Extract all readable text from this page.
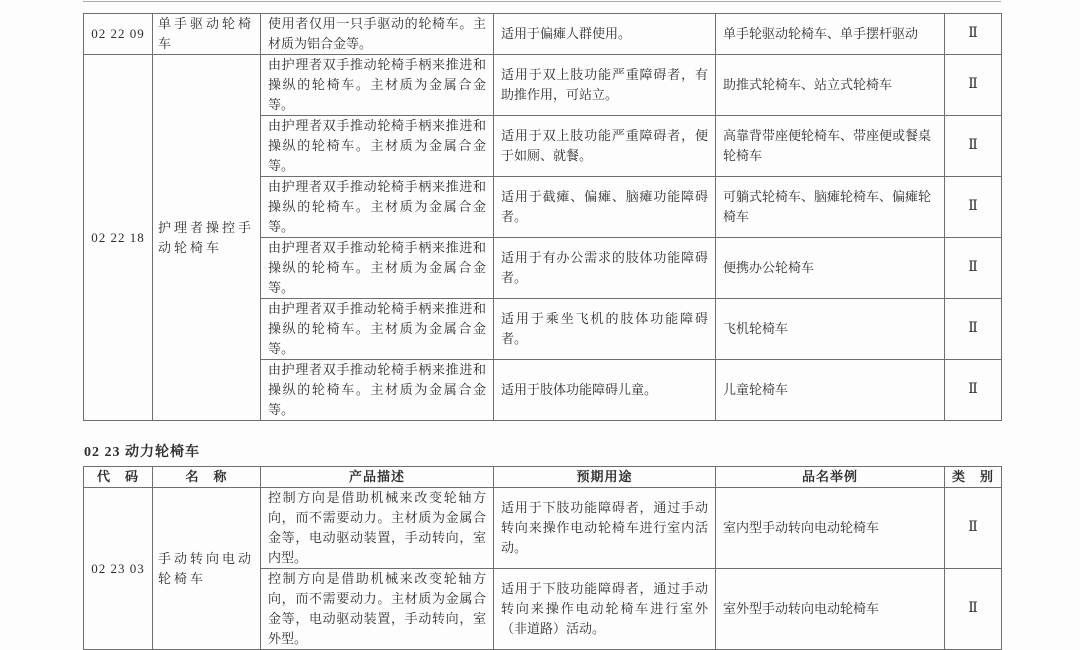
02 22 09	单手驱动轮椅车	使用者仅用一只手驱动的轮椅车。主材质为铝合金等。	适用于偏瘫人群使用。	单手轮驱动轮椅车、单手摆杆驱动	Ⅱ
02 22 18	护理者操控手动轮椅车	由护理者双手推动轮椅手柄来推进和操纵的轮椅车。主材质为金属合金等。	适用于双上肢功能严重障碍者，有助推作用，可站立。	助推式轮椅车、站立式轮椅车	Ⅱ
		由护理者双手推动轮椅手柄来推进和操纵的轮椅车。主材质为金属合金等。	适用于双上肢功能严重障碍者，便于如厕、就餐。	高靠背带座便轮椅车、带座便或餐桌轮椅车	Ⅱ
		由护理者双手推动轮椅手柄来推进和操纵的轮椅车。主材质为金属合金等。	适用于截瘫、偏瘫、脑瘫功能障碍者。	可躺式轮椅车、脑瘫轮椅车、偏瘫轮椅车	Ⅱ
		由护理者双手推动轮椅手柄来推进和操纵的轮椅车。主材质为金属合金等。	适用于有办公需求的肢体功能障碍者。	便携办公轮椅车	Ⅱ
		由护理者双手推动轮椅手柄来推进和操纵的轮椅车。主材质为金属合金等。	适用于乘坐飞机的肢体功能障碍者。	飞机轮椅车	Ⅱ
		由护理者双手推动轮椅手柄来推进和操纵的轮椅车。主材质为金属合金等。	适用于肢体功能障碍儿童。	儿童轮椅车	Ⅱ
02 23 动力轮椅车
代　码	名　称	产品描述	预期用途	品名举例	类　别
02 23 03	手动转向电动轮椅车	控制方向是借助机械来改变轮轴方向，而不需要动力。主材质为金属合金等，电动驱动装置，手动转向，室内型。	适用于下肢功能障碍者，通过手动转向来操作电动轮椅车进行室内活动。	室内型手动转向电动轮椅车	Ⅱ
		控制方向是借助机械来改变轮轴方向，而不需要动力。主材质为金属合金等，电动驱动装置，手动转向，室外型。	适用于下肢功能障碍者，通过手动转向来操作电动轮椅车进行室外（非道路）活动。	室外型手动转向电动轮椅车	Ⅱ
